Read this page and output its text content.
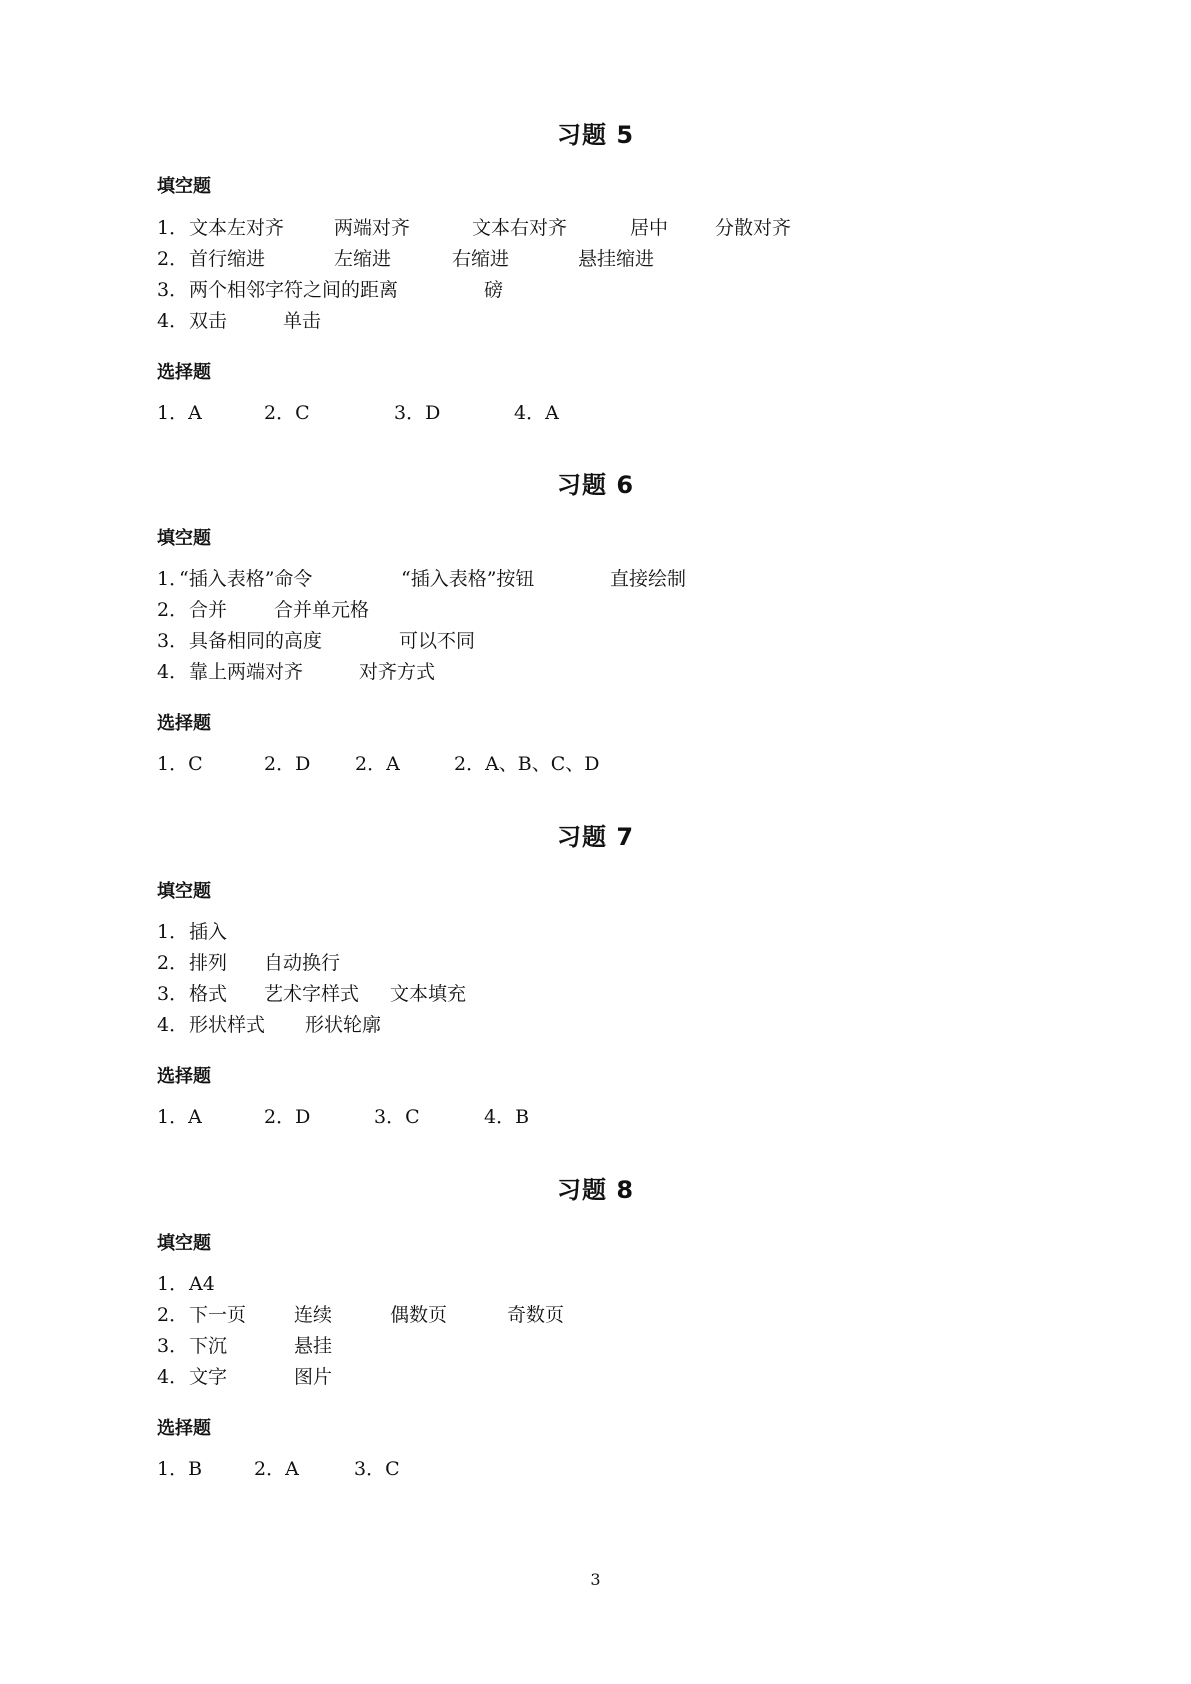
习题 5
填空题
1．文本左对齐	两端对齐	文本右对齐	居中 分散对齐
2．首行缩进	左缩进	右缩进	悬挂缩进
3．两个相邻字符之间的距离	磅
4．双击	单击
选择题
1．A	2．C	3．D	4．A
习题 6
填空题
1．“插入表格”命令	“插入表格”按钮	直接绘制
2．合并 合并单元格
3．具备相同的高度	可以不同
4．靠上两端对齐	对齐方式
选择题
1．C	2．D 2．A	2．A、B、C、D
习题 7
填空题
1．插入
2．排列 自动换行
3．格式 艺术字样式 文本填充
4．形状样式 形状轮廓
选择题
1．A	2．D	3．C	4．B
习题 8
填空题
1．A4
2．下一页	连续	偶数页	奇数页
3．下沉	悬挂
4．文字	图片
选择题
1．B	2．A	3．C
3
